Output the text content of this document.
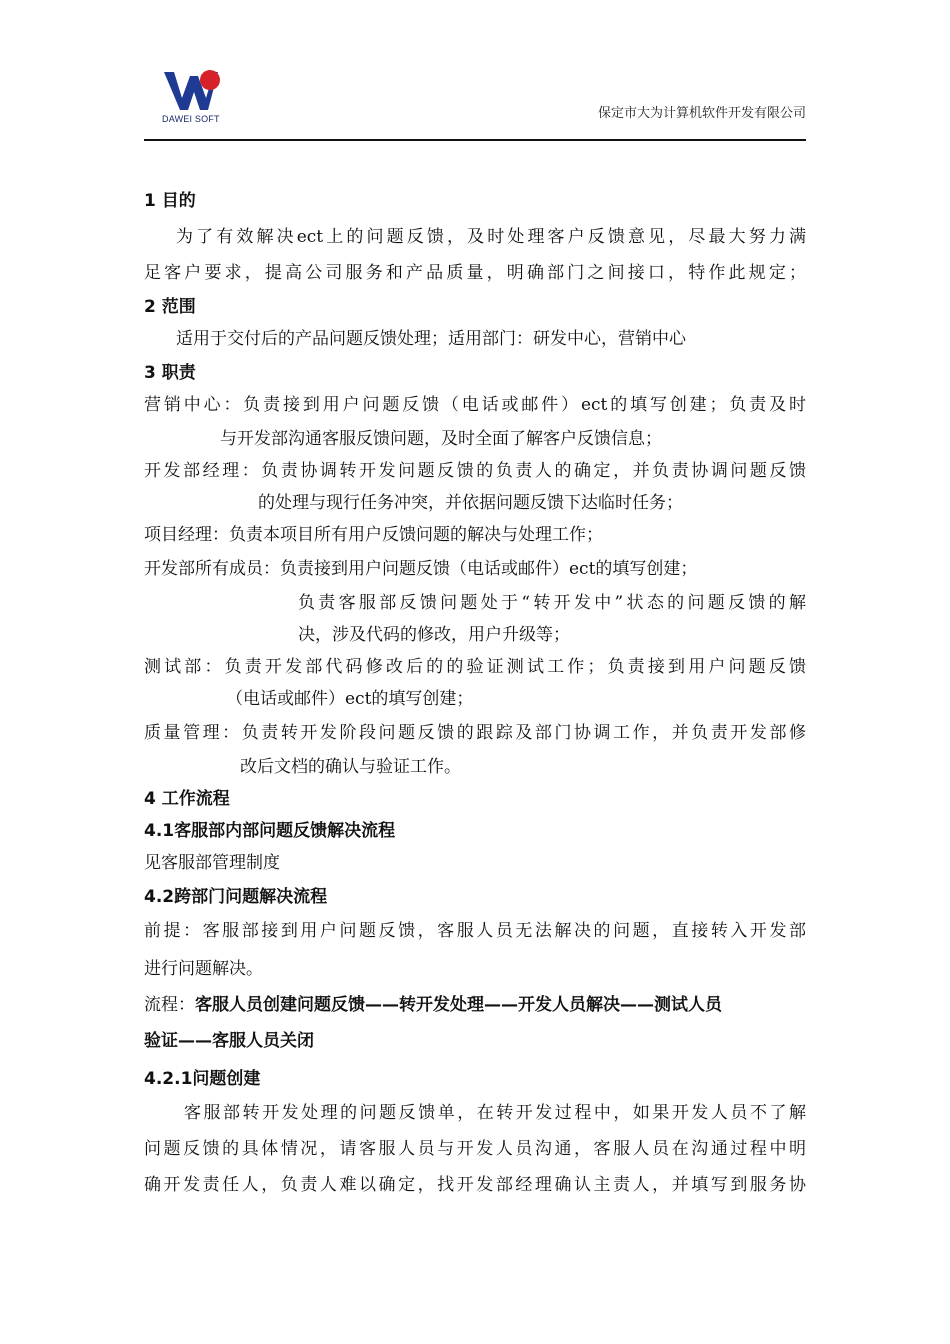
DAWEI SOFT	保定市大为计算机软件开发有限公司
1 目的
为了有效解决ect上的问题反馈，及时处理客户反馈意见，尽最大努力满
足客户要求，提高公司服务和产品质量，明确部门之间接口，特作此规定；
2 范围
适用于交付后的产品问题反馈处理；适用部门：研发中心，营销中心
3 职责
营销中心：负责接到用户问题反馈（电话或邮件）ect的填写创建；负责及时
与开发部沟通客服反馈问题，及时全面了解客户反馈信息；
开发部经理：负责协调转开发问题反馈的负责人的确定，并负责协调问题反馈
的处理与现行任务冲突，并依据问题反馈下达临时任务；
项目经理：负责本项目所有用户反馈问题的解决与处理工作；
开发部所有成员：负责接到用户问题反馈（电话或邮件）ect的填写创建；
负责客服部反馈问题处于“转开发中”状态的问题反馈的解
决，涉及代码的修改，用户升级等；
测试部：负责开发部代码修改后的的验证测试工作；负责接到用户问题反馈
（电话或邮件）ect的填写创建；
质量管理：负责转开发阶段问题反馈的跟踪及部门协调工作，并负责开发部修
改后文档的确认与验证工作。
4 工作流程
4.1客服部内部问题反馈解决流程
见客服部管理制度
4.2跨部门问题解决流程
前提：客服部接到用户问题反馈，客服人员无法解决的问题，直接转入开发部
进行问题解决。
流程：客服人员创建问题反馈——转开发处理——开发人员解决——测试人员
验证——客服人员关闭
4.2.1问题创建
客服部转开发处理的问题反馈单，在转开发过程中，如果开发人员不了解
问题反馈的具体情况，请客服人员与开发人员沟通，客服人员在沟通过程中明
确开发责任人，负责人难以确定，找开发部经理确认主责人，并填写到服务协
